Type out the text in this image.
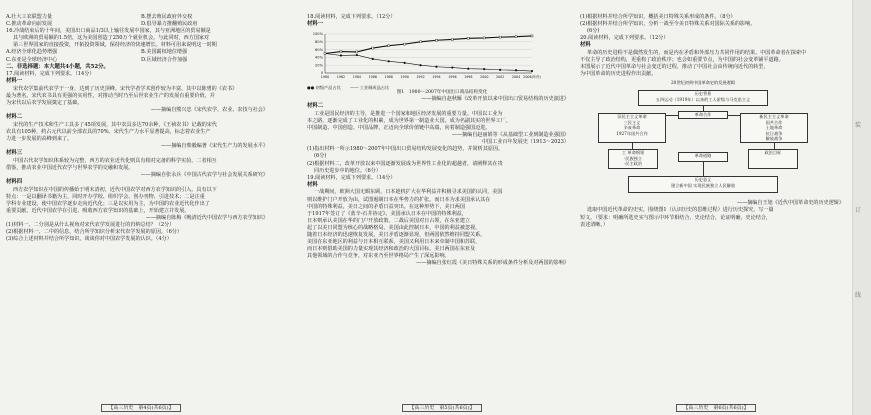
A.壮大工农联盟力量	B.摆去殖民政府外交权
C.推动革命向前发展	D.倡导暴力推翻殖民政府
16.冷战结束后的十年间，美国出口商品1/3以上输往发展中国家，其与亚洲地区的贸易额是
其与欧洲的贸易额的1.5倍，这为美国创造了250万个就业机会。与此同时，西方国家对
第三世界国家的直接投资，开拓投资领域，保持经济的快速增长。材料可用来说明这一时期
A.经济全球化趋势增强	B.美国霸权地位增强
C.东亚是全球经济中心	D.区域经济合作加强
二、非选择题：本大题共4小题，共52分。
17.阅读材料，完成下列要求。（14分）
材料一
宋代农学集前代农学于一身，达到了历史顶峰。宋代学者学术创作较为丰富，其中以陈旉的《农书》
最为著名。宋代农书具有更强的实用性，对推动当时乃至后世农业生产的发展有重要价值，并
为宋代以后农学发展奠定了基础。
——摘编自熊兴忠《宋代农学、农业、农技与社会》
材料二
宋代的生产技术和生产工具多了45项发展，其中农具多达70余种，《王祯农书》记载的宋代
农具有105种，约占元代以前全部农具的70%。宋代生产力水平显著提高，标志着农业生产
力进一步发展的高峰到来了。
——摘编自柴毅编著《宋代生产力的发展水平》
材料三
中国古代农学知识体系较为完整，西方的农业近代化则具有相对完备的科学实验。二者相互
借鉴，推动农业中国近代农学与世界农学的交融和发展。
——摘编自张永兵《中国古代农学与社会发展关系研究》
材料四
西方农学知识在中国的传播始于明末清初，近代中国农学对西方农学知识的引入，具有以下
特点：一是以翻译书籍为主，同时开办学校、组织学会、创办刊物、引进技术；二是注重
学科专业建设，使中国农学逐步走向近代化；三是以实用为主，为中国的农业近代化作出了
重要贡献。近代中国农学在引进、吸收西方农学知识的基础上，开始建立并发展。
——摘编自陈梅《晚清近代中国农学与西方农学知识》
(1)材料一、二分别是从什么视角对宋代农学发展进行的归纳总结？（2分）
(2)根据材料一、二中的信息，结合所学知识分析宋代农学发展的原因。（6分）
(3)综合上述材料并结合所学知识，谈谈你对中国农学发展的认识。（4分）
【高三历史　第4页(共6页)】
18.阅读材料，完成下列要求。（12分）
材料一
100%
80%
60%
40%
20%
0
1980 1982 1984 1986 1988 1990 1992 1994 1996 1998 2000 2002 2004 2006(年份)
●● 初级产品占比 —— 工业制成品占比
图1　1980～2007年中国出口商品结构变化
——摘编自赵秋雁《改革开放以来中国出口贸易结构的历史演进》
材料二
工业是国民经济的主导，是推进一个国家和地区经济发展的重要力量。中国以工业为
本之路，逐渐完成了工业化的积累，成为世界第一制造业大国，成为名副其实的世界工厂。
中国制造、中国创造、中国品牌，正迈向全球价值链中高端，向着制造强国迈进。
——摘编自赵丽娟等《从基础型工业到制造业强国》
中国工业百年发展史（1913～2023）
(1)指出材料一所示1980～2007年中国出口贸易结构发展变化的趋势，并简析其原因。
(6分)
(2)根据材料二，改革开放以来中国逐渐发展成为世界性工业化的超越者，请阐释其在贵
同历史进步中的地位。（6分）
19.阅读材料，完成下列要求。（14分）
材料
一战期间，欧洲大国无暇东顾，日本趁机扩大在华利益并积极寻求美国的认同，美国
则以维护门户开放为由，试图遏制日本在华势力的扩张。而日本为求美国承认其在
中国的特殊利益，美日之间的矛盾日益突出。在这种形势下，美日两国
于1917年签订了《蓝辛-石井协定》。美国承认日本在中国的特殊利益，
日本则承认美国在华的门户开放政策。二战后美国对日占领，在东亚建立
起了以美日同盟为核心的战略格局，美国由此控制日本，中国的利益被忽视。
随着日本经济的迅速恢复发展，美日矛盾逐渐显现，但两国依然维持同盟关系。
美国在东亚地区的利益与日本相互联系，美国又利用日本来牵制中国和苏联，
而日本则借助美国的力量实现其经济和政治的大国目标。美日两国在东亚及
其他领域的合作与竞争，对东亚乃至世界格局产生了深远影响。
——摘编自张红霞《美日特殊关系的形成条件分析及对两国的影响》
【高三历史　第5页(共6页)】
(1)根据材料并结合所学知识，概括美日特殊关系形成的条件。（8分）
(2)根据材料并结合所学知识，分析一战至今美日特殊关系对国际关系的影响。
(6分)
20.阅读材料，完成下列要求。（12分）
材料
革命的历史进程不是偶然发生的，而是内在矛盾和外部压力共同作用的结果。中国革命者在探索中
不仅主导了政治结构，更重构了政治秩序；也会如重要节点，为中国的社会变革铺平道路。
本图展示了近代中国革命与社会变迁的过程，推动了中国社会由传统向近代的转型，
为中国革命的历史进程作出贡献。
20世纪初到中国革命史的发展逻辑
历史背景
五四运动（1919年）以来的工人阶级与马克思主义
革命合作
旧民主主义革命
三民主义
辛亥革命
1927年国共合作
新民主主义革命
国共合作
土地革命
抗日战争
解放战争
工 革命纲领
·民族独立
·民主政治
革命道路
政治目标
历史意义
建立新中国 实现民族独立人民解放
——摘编自王旭《近代中国革命史的历史逻辑》
选取中国近代革命的史实，围绕图1（认识历史的思维过程）进行历史探究，写一篇
短文。（要求：明确所选史实与图示中环节相结合，史论结合，论证明确，史论结合，
表述清晰。）
【高三历史　第6页(共6页)】
装
订
线
